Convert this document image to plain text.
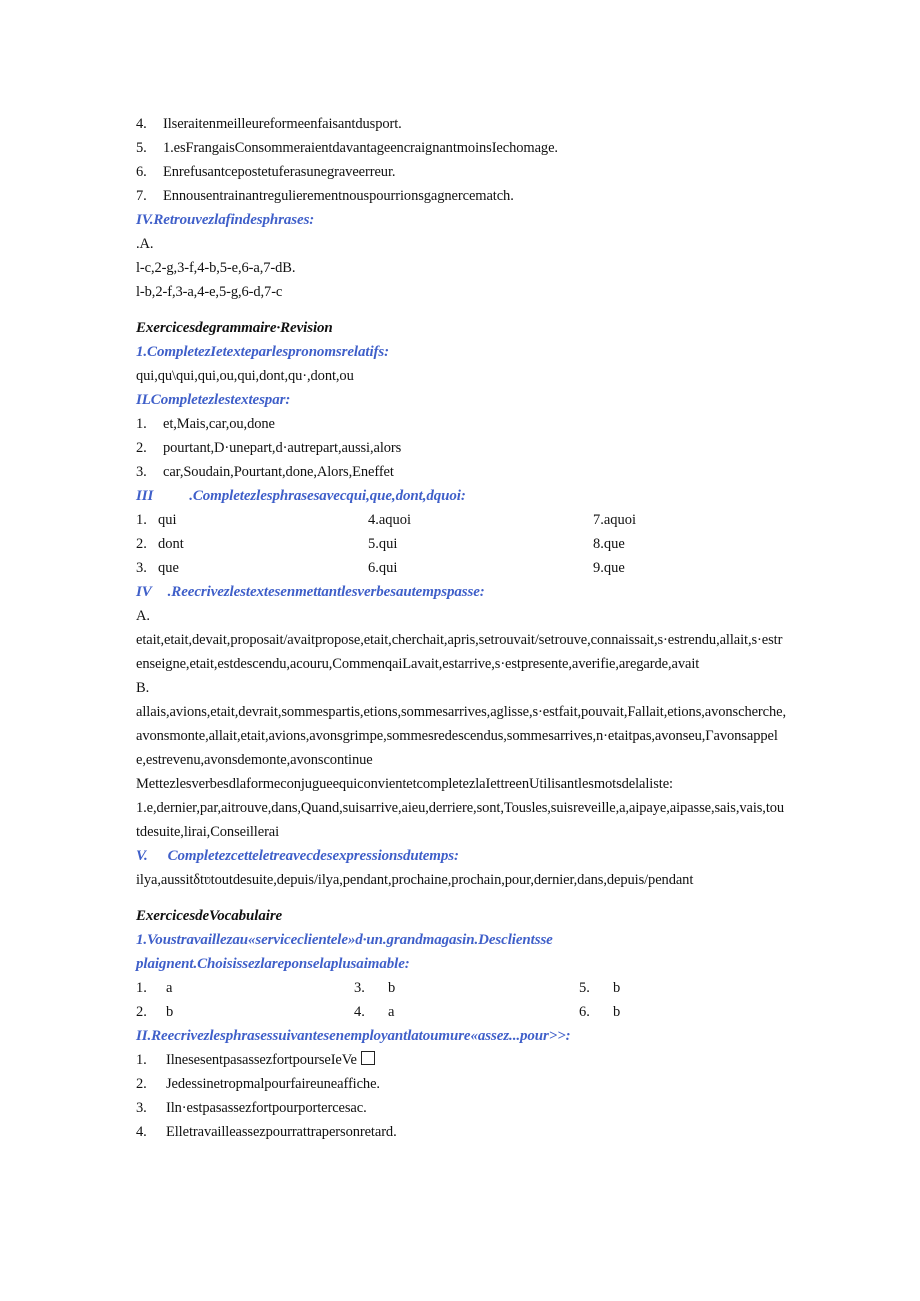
4. Ilseraitenmeilleureformeenfaisantdusport.
5. 1.esFrangaisConsommeraientdavantageencraignantmoinsIechomage.
6. Enrefusantcepostetuferasunegraveerreur.
7. Ennousentrainantregulierementnouspourrionsgagnercematch.
IV.Retrouvezlafindesphrases:
.A.
l-c,2-g,3-f,4-b,5-e,6-a,7-dB.
l-b,2-f,3-a,4-e,5-g,6-d,7-c
Exercicesdegrammaire·Revision
1.CompletezIetexteparlespronomsrelatifs:
qui,qu\qui,qui,ou,qui,dont,qu·,dont,ou
ILCompletezlestextespar:
1. et,Mais,car,ou,done
2. pourtant,D·unepart,d·autrepart,aussi,alors
3. car,Soudain,Pourtant,done,Alors,Eneffet
III .Completezlesphrasesavecqui,que,dont,dquoi:
1. qui	4.aquoi	7.aquoi
2. dont	5.qui	8.que
3. que	6.qui	9.que
IV .Reecrivezlestextesenmettantlesverbesautempspasse:
A.
etait,etait,devait,proposait/avaitpropose,etait,cherchait,apris,setrouvait/setrouve,connaissait,s·estrendu,allait,s·estrenseigne,etait,estdescendu,acouru,CommenqaiLavait,estarrive,s·estpresente,averifie,aregarde,avait
B.
allais,avions,etait,devrait,sommespartis,etions,sommesarrives,aglisse,s·estfait,pouvait,Fallait,etions,avonscherche,avonsmonte,allait,etait,avions,avonsgrimpe,sommesredescendus,sommesarrives,n·etaitpas,avonseu,Γavonsappele,estrevenu,avonsdemonte,avonscontinue
MettezlesverbesdlaformeconjugueequiconvientetcompletezlaIettreenUtilisantlesmotsdelaliste:
1.e,dernier,par,aitrouve,dans,Quand,suisarrive,aieu,derriere,sont,Tousles,suisreveille,a,aipaye,aipasse,sais,vais,toutdesuite,lirai,Conseillerai
V. Completezcetteletreavecdesexpressionsdutemps:
ilya,aussitδtʋtoutdesuite,depuis/ilya,pendant,prochaine,prochain,pour,dernier,dans,depuis/pendant
ExercicesdeVocabulaire
1.Voustravaillezau«serviceclientele»d·un.grandmagasin.Desclientsse
plaignent.Choisissezlareponselaplusaimable:
1. a	3. b	5. b
2. b	4. a	6. b
II.Reecrivezlesphrasessuivantesenemployantlatoumure«assez...pour>>:
1. IlnesesentpasassezfortpourseIeVe
2. Jedessinetropmalpourfaireuneaffiche.
3. Iln·estpasassezfortpourportercesac.
4. Elletravailleassezpourrattrapersonretard.
